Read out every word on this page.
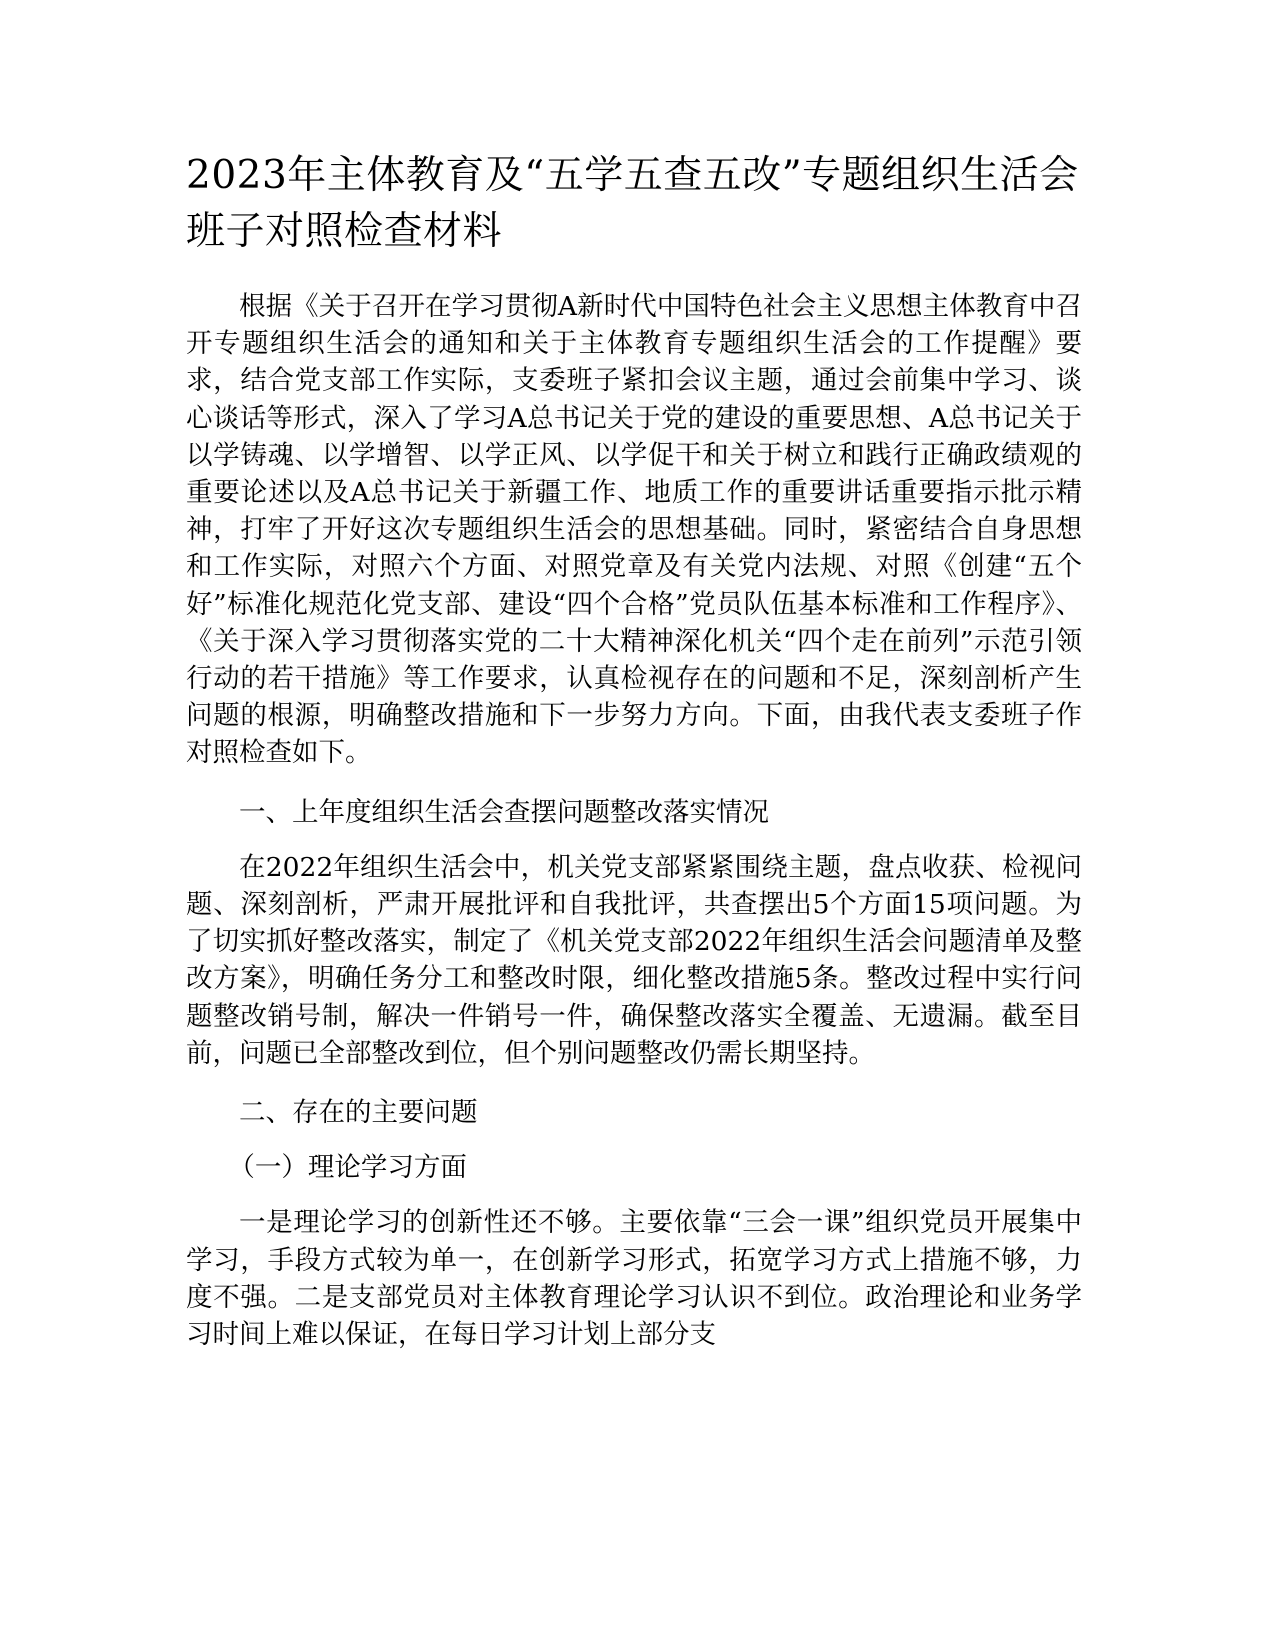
2023年主体教育及“五学五查五改”专题组织生活会班子对照检查材料

根据《关于召开在学习贯彻A新时代中国特色社会主义思想主体教育中召开专题组织生活会的通知和关于主体教育专题组织生活会的工作提醒》要求，结合党支部工作实际，支委班子紧扣会议主题，通过会前集中学习、谈心谈话等形式，深入了学习A总书记关于党的建设的重要思想、A总书记关于以学铸魂、以学增智、以学正风、以学促干和关于树立和践行正确政绩观的重要论述以及A总书记关于新疆工作、地质工作的重要讲话重要指示批示精神，打牢了开好这次专题组织生活会的思想基础。同时，紧密结合自身思想和工作实际，对照六个方面、对照党章及有关党内法规、对照《创建“五个好”标准化规范化党支部、建设“四个合格”党员队伍基本标准和工作程序》、《关于深入学习贯彻落实党的二十大精神深化机关“四个走在前列”示范引领行动的若干措施》等工作要求，认真检视存在的问题和不足，深刻剖析产生问题的根源，明确整改措施和下一步努力方向。下面，由我代表支委班子作对照检查如下。

一、上年度组织生活会查摆问题整改落实情况

在2022年组织生活会中，机关党支部紧紧围绕主题，盘点收获、检视问题、深刻剖析，严肃开展批评和自我批评，共查摆出5个方面15项问题。为了切实抓好整改落实，制定了《机关党支部2022年组织生活会问题清单及整改方案》，明确任务分工和整改时限，细化整改措施5条。整改过程中实行问题整改销号制，解决一件销号一件，确保整改落实全覆盖、无遗漏。截至目前，问题已全部整改到位，但个别问题整改仍需长期坚持。

二、存在的主要问题
（一）理论学习方面

一是理论学习的创新性还不够。主要依靠“三会一课”组织党员开展集中学习，手段方式较为单一，在创新学习形式，拓宽学习方式上措施不够，力度不强。二是支部党员对主体教育理论学习认识不到位。政治理论和业务学习时间上难以保证，在每日学习计划上部分支
